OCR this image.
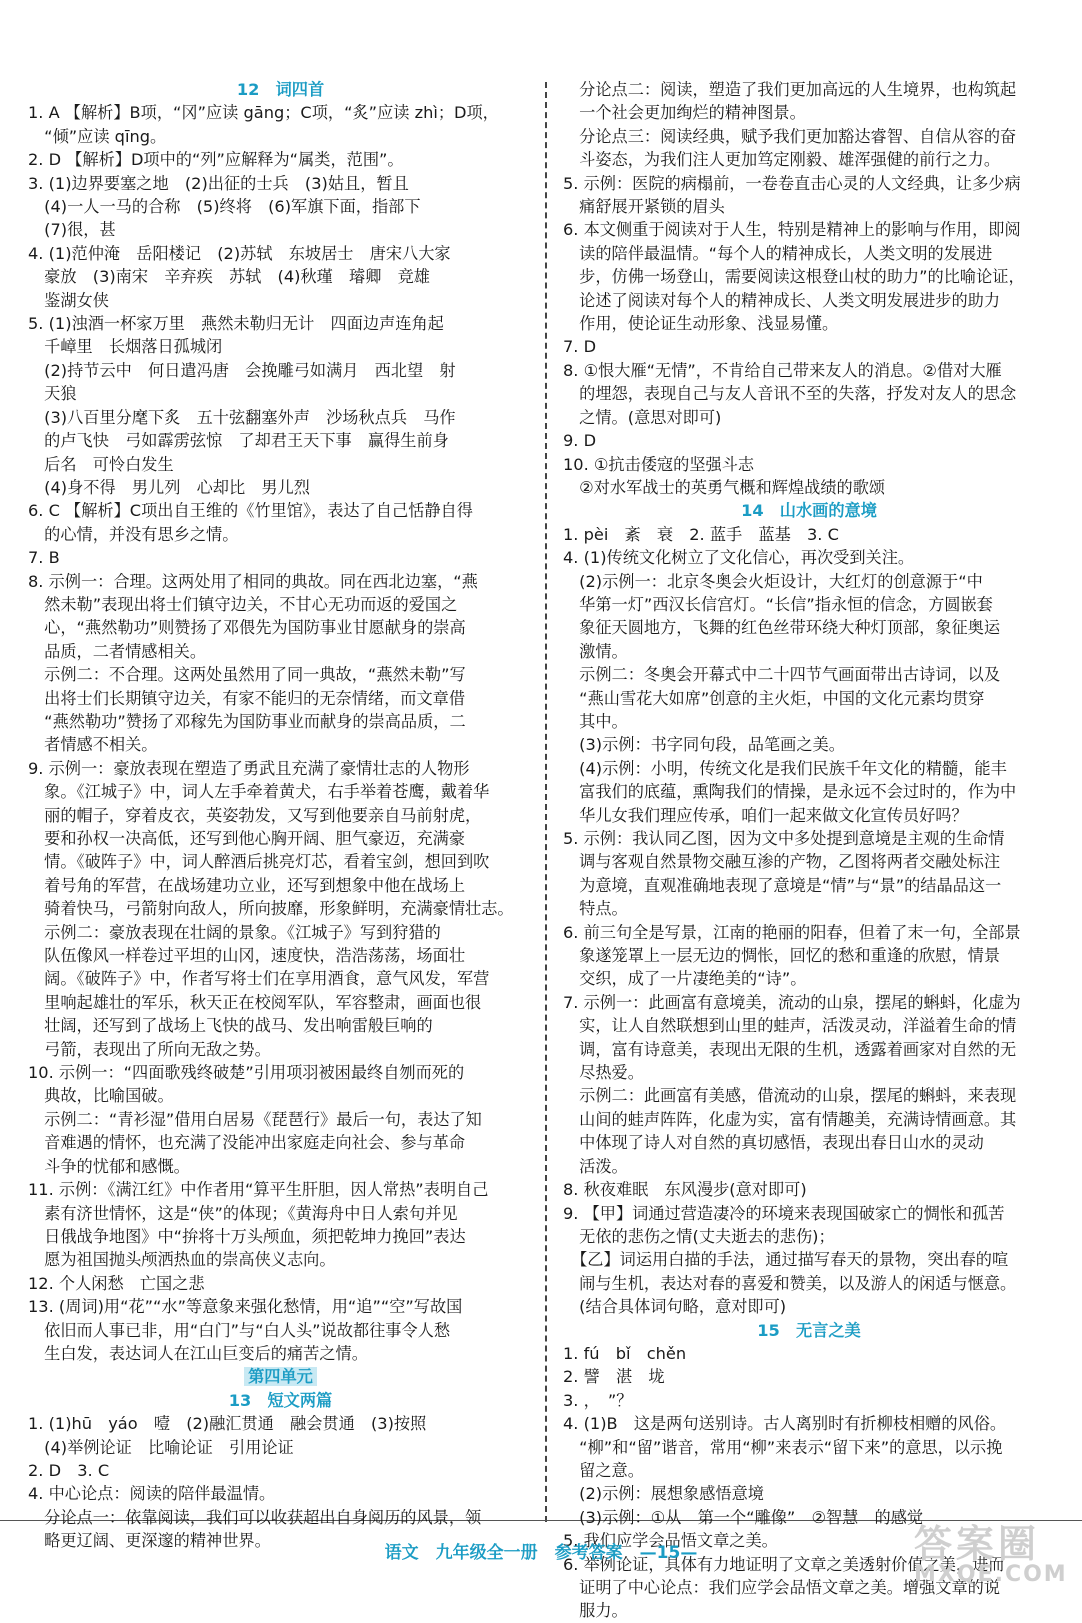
12　词四首
1. A 【解析】B项，“冈”应读 gāng；C项，“炙”应读 zhì；D项，
　“倾”应读 qīng。
2. D 【解析】D项中的“列”应解释为“属类，范围”。
3. (1)边界要塞之地　(2)出征的士兵　(3)姑且，暂且
　(4)一人一马的合称　(5)终将　(6)军旗下面，指部下
　(7)很，甚
4. (1)范仲淹　岳阳楼记　(2)苏轼　东坡居士　唐宋八大家
　豪放　(3)南宋　辛弃疾　苏轼　(4)秋瑾　璿卿　竞雄
　鉴湖女侠
5. (1)浊酒一杯家万里　燕然未勒归无计　四面边声连角起
　千嶂里　长烟落日孤城闭
　(2)持节云中　何日遣冯唐　会挽雕弓如满月　西北望　射
　天狼
　(3)八百里分麾下炙　五十弦翻塞外声　沙场秋点兵　马作
　的卢飞快　弓如霹雳弦惊　了却君王天下事　赢得生前身
　后名　可怜白发生
　(4)身不得　男儿列　心却比　男儿烈
6. C 【解析】C项出自王维的《竹里馆》，表达了自己恬静自得
　的心情，并没有思乡之情。
7. B
8. 示例一：合理。这两处用了相同的典故。同在西北边塞，“燕
　然未勒”表现出将士们镇守边关，不甘心无功而返的爱国之
　心，“燕然勒功”则赞扬了邓偎先为国防事业甘愿献身的崇高
　品质，二者情感相关。
　示例二：不合理。这两处虽然用了同一典故，“燕然未勒”写
　出将士们长期镇守边关，有家不能归的无奈情绪，而文章借
　“燕然勒功”赞扬了邓稼先为国防事业而献身的崇高品质，二
　者情感不相关。
9. 示例一：豪放表现在塑造了勇武且充满了豪情壮志的人物形
　象。《江城子》中，词人左手牵着黄犬，右手举着苍鹰，戴着华
　丽的帽子，穿着皮衣，英姿勃发，又写到他要亲自马前射虎，
　要和孙权一决高低，还写到他心胸开阔、胆气豪迈，充满豪
　情。《破阵子》中，词人醉酒后挑亮灯芯，看着宝剑，想回到吹
　着号角的军营，在战场建功立业，还写到想象中他在战场上
　骑着快马，弓箭射向敌人，所向披靡，形象鲜明，充满豪情壮志。
　示例二：豪放表现在壮阔的景象。《江城子》写到狩猎的
　队伍像风一样卷过平坦的山冈，速度快，浩浩荡荡，场面壮
　阔。《破阵子》中，作者写将士们在享用酒食，意气风发，军营
　里响起雄壮的军乐，秋天正在校阅军队，军容整肃，画面也很
　壮阔，还写到了战场上飞快的战马、发出响雷般巨响的
　弓箭，表现出了所向无敌之势。
10. 示例一：“四面歌残终破楚”引用项羽被困最终自刎而死的
　典故，比喻国破。
　示例二：“青衫湿”借用白居易《琵琶行》最后一句，表达了知
　音难遇的情怀，也充满了没能冲出家庭走向社会、参与革命
　斗争的忧郁和感慨。
11. 示例：《满江红》中作者用“算平生肝胆，因人常热”表明自己
　素有济世情怀，这是“侠”的体现；《黄海舟中日人索句并见
　日俄战争地图》中“拚将十万头颅血，须把乾坤力挽回”表达
　愿为祖国抛头颅洒热血的崇高侠义志向。
12. 个人闲愁　亡国之悲
13. (周词)用“花”“水”等意象来强化愁情，用“追”“空”写故国
　依旧而人事已非，用“白门”与“白人头”说故都往事令人愁
　生白发，表达词人在江山巨变后的痛苦之情。
第四单元
13　短文两篇
1. (1)hū　yáo　噎　(2)融汇贯通　融会贯通　(3)按照
　(4)举例论证　比喻论证　引用论证
2. D　3. C
4. 中心论点：阅读的陪伴最温情。
　分论点一：依靠阅读，我们可以收获超出自身阅历的风景，领
　略更辽阔、更深邃的精神世界。
　分论点二：阅读，塑造了我们更加高远的人生境界，也构筑起
　一个社会更加绚烂的精神图景。
　分论点三：阅读经典，赋予我们更加豁达睿智、自信从容的奋
　斗姿态，为我们注人更加笃定刚毅、雄浑强健的前行之力。
5. 示例：医院的病榻前，一卷卷直击心灵的人文经典，让多少病
　痛舒展开紧锁的眉头
6. 本文侧重于阅读对于人生，特别是精神上的影响与作用，即阅
　读的陪伴最温情。“每个人的精神成长，人类文明的发展进
　步，仿佛一场登山，需要阅读这根登山杖的助力”的比喻论证，
　论述了阅读对每个人的精神成长、人类文明发展进步的助力
　作用，使论证生动形象、浅显易懂。
7. D
8. ①恨大雁“无情”，不肯给自己带来友人的消息。②借对大雁
　的埋怨，表现自己与友人音讯不至的失落，抒发对友人的思念
　之情。(意思对即可)
9. D
10. ①抗击倭寇的坚强斗志
　②对水军战士的英勇气概和辉煌战绩的歌颂
14　山水画的意境
1. pèi　紊　衰　2. 蓝手　蓝基　3. C
4. (1)传统文化树立了文化信心，再次受到关注。
　(2)示例一：北京冬奥会火炬设计，大红灯的创意源于“中
　华第一灯”西汉长信宫灯。“长信”指永恒的信念，方圆嵌套
　象征天圆地方，飞舞的红色丝带环绕大种灯顶部，象征奥运
　激情。
　示例二：冬奥会开幕式中二十四节气画面带出古诗词，以及
　“燕山雪花大如席”创意的主火炬，中国的文化元素均贯穿
　其中。
　(3)示例：书字同句段，品笔画之美。
　(4)示例：小明，传统文化是我们民族千年文化的精髓，能丰
　富我们的底蕴，熏陶我们的情操，是永远不会过时的，作为中
　华儿女我们理应传承，咱们一起来做文化宣传员好吗？
5. 示例：我认同乙图，因为文中多处提到意境是主观的生命情
　调与客观自然景物交融互渗的产物，乙图将两者交融处标注
　为意境，直观准确地表现了意境是“情”与“景”的结晶品这一
　特点。
6. 前三句全是写景，江南的艳丽的阳春，但着了末一句，全部景
　象遂笼罩上一层无边的惆怅，回忆的愁和重逢的欣慰，情景
　交织，成了一片凄绝美的“诗”。
7. 示例一：此画富有意境美，流动的山泉，摆尾的蝌蚪，化虚为
　实，让人自然联想到山里的蛙声，活泼灵动，洋溢着生命的情
　调，富有诗意美，表现出无限的生机，透露着画家对自然的无
　尽热爱。
　示例二：此画富有美感，借流动的山泉，摆尾的蝌蚪，来表现
　山间的蛙声阵阵，化虚为实，富有情趣美，充满诗情画意。其
　中体现了诗人对自然的真切感悟，表现出春日山水的灵动
　活泼。
8. 秋夜难眠　东风漫步(意对即可)
9. 【甲】词通过营造凄冷的环境来表现国破家亡的惆怅和孤苦
　无依的悲伤之情(丈夫逝去的悲伤)；
　【乙】词运用白描的手法，通过描写春天的景物，突出春的喧
　闹与生机，表达对春的喜爱和赞美，以及游人的闲适与惬意。
　(结合具体词句略，意对即可)
15　无言之美
1. fú　bǐ　chěn
2. 譬　湛　垅
3. ，　”？
4. (1)B　这是两句送别诗。古人离别时有折柳枝相赠的风俗。
　“柳”和“留”谐音，常用“柳”来表示“留下来”的意思，以示挽
　留之意。
　(2)示例：展想象感悟意境
　(3)示例：①从　第一个“雕像”　②智慧　的感觉
5. 我们应学会品悟文章之美。
6. 举例论证，具体有力地证明了文章之美透射价值之美，进而
　证明了中心论点：我们应学会品悟文章之美。增强文章的说
　服力。
语文　九年级全一册　参考答案　—15—	答案圈
MXQE.COM
